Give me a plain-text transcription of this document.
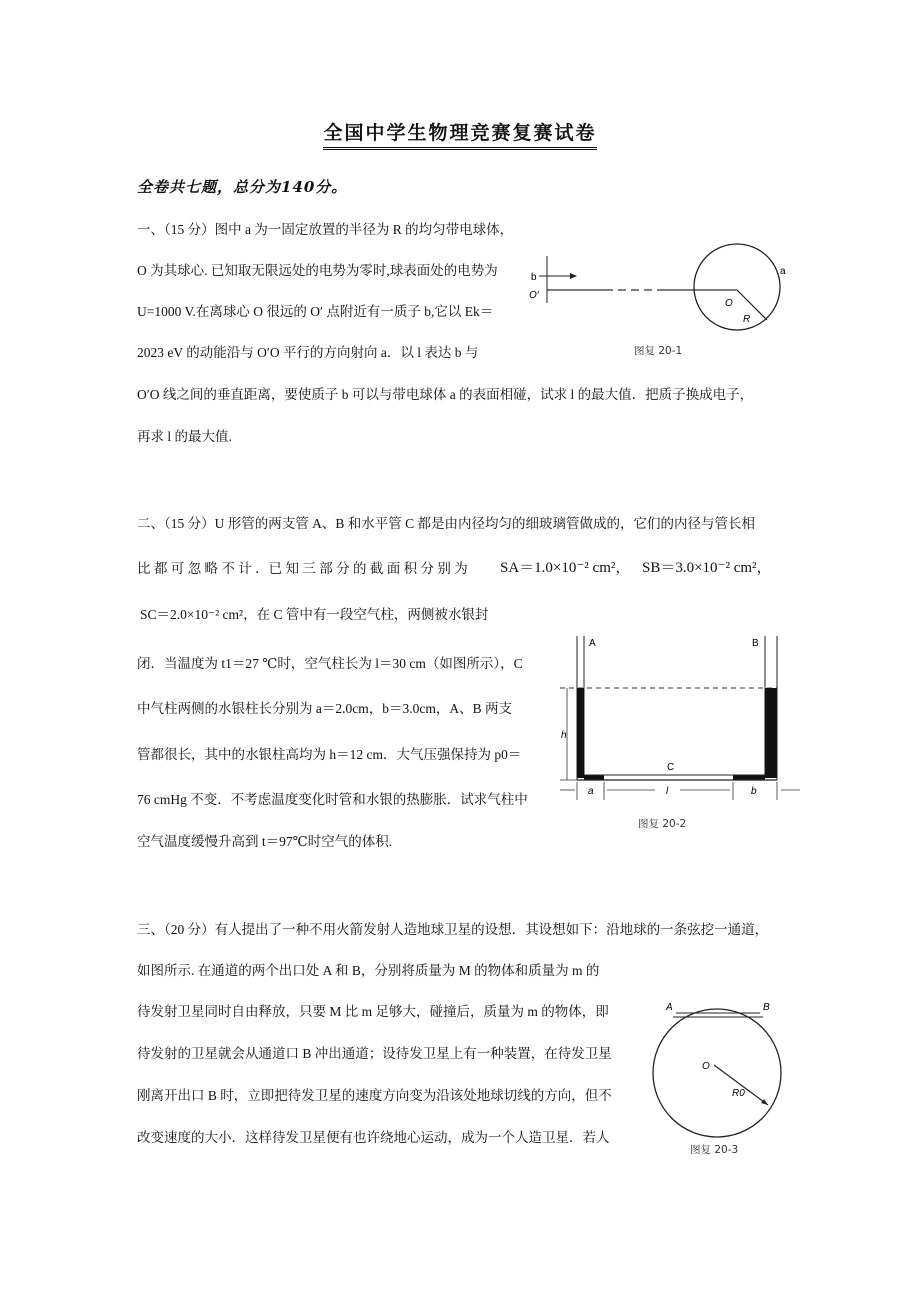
全国中学生物理竞赛复赛试卷
全卷共七题，总分为140分。
一、（15 分）图中 a 为一固定放置的半径为 R 的均匀带电球体，
O 为其球心. 已知取无限远处的电势为零时,球表面处的电势为
U=1000 V.在离球心 O 很远的 O′ 点附近有一质子 b,它以 Ek＝
2023 eV 的动能沿与 O′O 平行的方向射向 a．以 l 表达 b 与
O′O 线之间的垂直距离，要使质子 b 可以与带电球体 a 的表面相碰，试求 l 的最大值．把质子换成电子，
再求 l 的最大值.
b
O′
O
R
a
图复 20-1
二、（15 分）U 形管的两支管 A、B 和水平管 C 都是由内径均匀的细玻璃管做成的，它们的内径与管长相
比 都 可 忽 略 不 计 ．已 知 三 部 分 的 截 面 积 分 别 为 SA＝1.0×10⁻² cm²， SB＝3.0×10⁻² cm²，
SC＝2.0×10⁻² cm²，在 C 管中有一段空气柱，两侧被水银封
闭．当温度为 t1＝27 ℃时，空气柱长为 l＝30 cm（如图所示），C
中气柱两侧的水银柱长分别为 a＝2.0cm，b＝3.0cm，A、B 两支
管都很长，其中的水银柱高均为 h＝12 cm．大气压强保持为 p0＝
76 cmHg 不变．不考虑温度变化时管和水银的热膨胀．试求气柱中
空气温度缓慢升高到 t＝97℃时空气的体积.
A	B
C
h
a	l	b
图复 20-2
三、（20 分）有人提出了一种不用火箭发射人造地球卫星的设想．其设想如下：沿地球的一条弦挖一通道，
如图所示. 在通道的两个出口处 A 和 B，分别将质量为 M 的物体和质量为 m 的
待发射卫星同时自由释放，只要 M 比 m 足够大，碰撞后，质量为 m 的物体，即
待发射的卫星就会从通道口 B 冲出通道；设待发卫星上有一种装置，在待发卫星
刚离开出口 B 时，立即把待发卫星的速度方向变为沿该处地球切线的方向，但不
改变速度的大小．这样待发卫星便有也许绕地心运动，成为一个人造卫星．若人
A	B
O
R0
图复 20-3
